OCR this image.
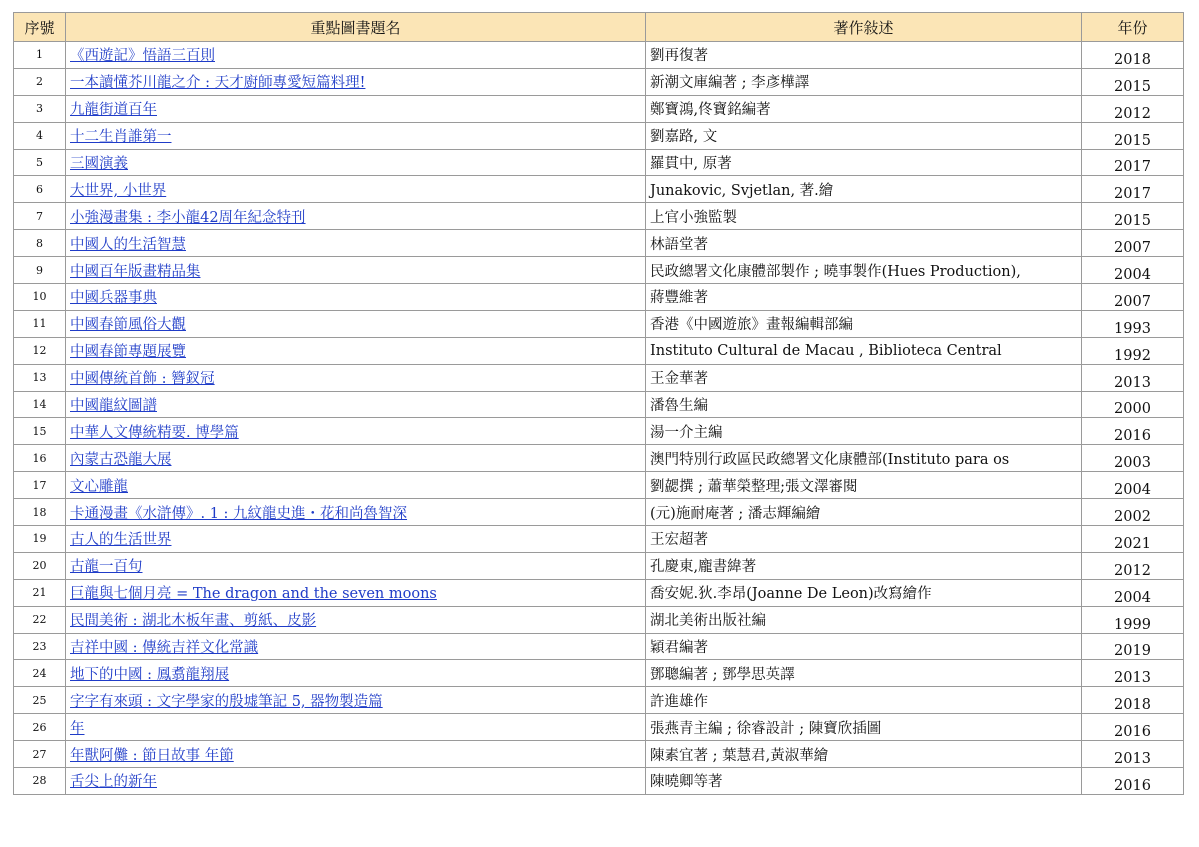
序號	重點圖書題名	著作敍述	年份
1	《西遊記》悟語三百則	劉再復著	2018
2	一本讀懂芥川龍之介 : 天才廚師專愛短篇料理!	新潮文庫編著 ; 李彥樺譯	2015
3	九龍街道百年	鄭寶鴻,佟寶銘編著	2012
4	十二生肖誰第一	劉嘉路, 文	2015
5	三國演義	羅貫中, 原著	2017
6	大世界, 小世界	Junakovic, Svjetlan, 著.繪	2017
7	小強漫畫集 : 李小龍42周年紀念特刊	上官小強監製	2015
8	中國人的生活智慧	林語堂著	2007
9	中國百年版畫精品集	民政總署文化康體部製作 ; 曉事製作(Hues Production),	2004
10	中國兵器事典	蔣豐維著	2007
11	中國春節風俗大觀	香港《中國遊旅》畫報編輯部編	1993
12	中國春節專題展覽	Instituto Cultural de Macau , Biblioteca Central	1992
13	中國傳統首飾 : 簪釵冠	王金華著	2013
14	中國龍紋圖譜	潘魯生編	2000
15	中華人文傳統精要. 博學篇	湯一介主編	2016
16	內蒙古恐龍大展	澳門特別行政區民政總署文化康體部(Instituto para os	2003
17	文心雕龍	劉勰撰 ; 蕭華榮整理;張文澤審閱	2004
18	卡通漫畫《水滸傳》. 1 : 九紋龍史進・花和尚魯智深	(元)施耐庵著 ; 潘志輝編繪	2002
19	古人的生活世界	王宏超著	2021
20	古龍一百句	孔慶東,龐書緯著	2012
21	巨龍與七個月亮 = The dragon and the seven moons	喬安妮.狄.李昂(Joanne De Leon)改寫繪作	2004
22	民間美術 : 湖北木板年畫、剪紙、皮影	湖北美術出版社編	1999
23	吉祥中國 : 傳統吉祥文化常識	穎君編著	2019
24	地下的中國 : 鳳翥龍翔展	鄧聰編著 ; 鄧學思英譯	2013
25	字字有來頭 : 文字學家的殷墟筆記 5, 器物製造篇	許進雄作	2018
26	年	張燕青主編 ; 徐睿設計 ; 陳寶欣插圖	2016
27	年獸阿儺 : 節日故事 年節	陳素宜著 ; 葉慧君,黃淑華繪	2013
28	舌尖上的新年	陳曉卿等著	2016
